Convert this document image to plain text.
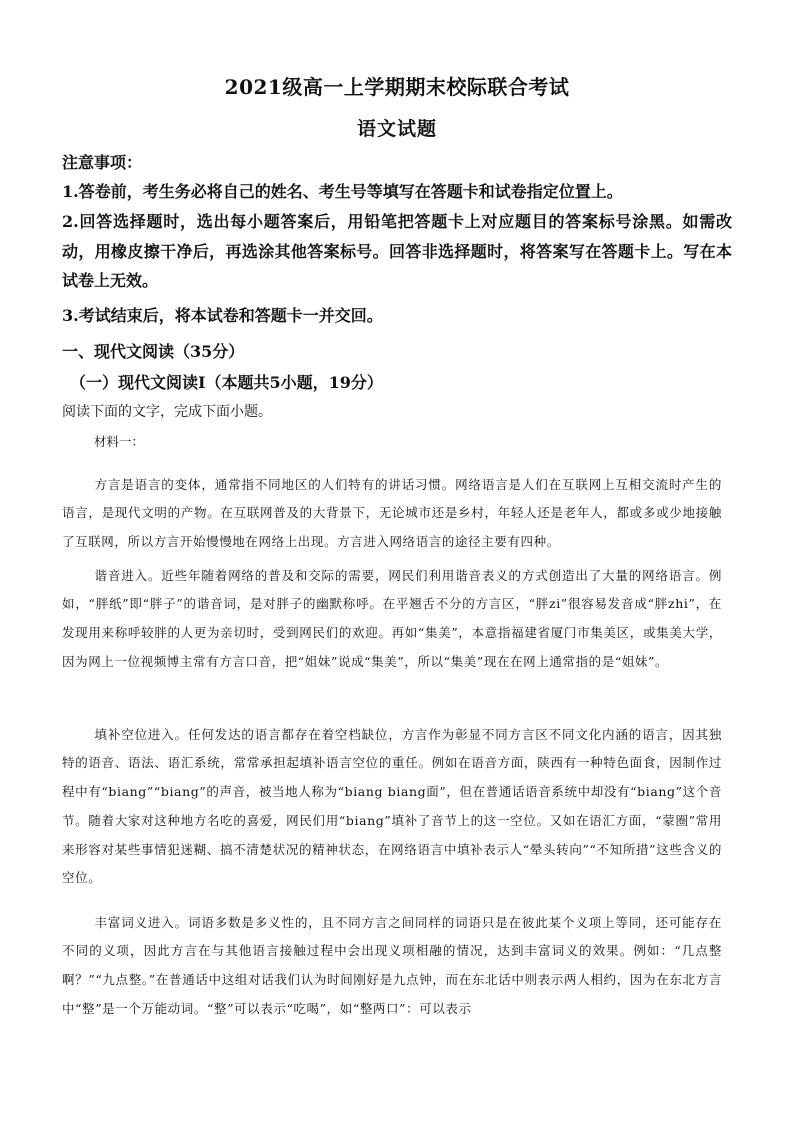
2021级高一上学期期末校际联合考试
语文试题
注意事项：
1.答卷前，考生务必将自己的姓名、考生号等填写在答题卡和试卷指定位置上。
2.回答选择题时，选出每小题答案后，用铅笔把答题卡上对应题目的答案标号涂黑。如需改动，用橡皮擦干净后，再选涂其他答案标号。回答非选择题时，将答案写在答题卡上。写在本试卷上无效。
3.考试结束后，将本试卷和答题卡一并交回。
一、现代文阅读（35分）
（一）现代文阅读Ⅰ（本题共5小题，19分）
阅读下面的文字，完成下面小题。
材料一：

方言是语言的变体，通常指不同地区的人们特有的讲话习惯。网络语言是人们在互联网上互相交流时产生的语言，是现代文明的产物。在互联网普及的大背景下，无论城市还是乡村，年轻人还是老年人，都或多或少地接触了互联网，所以方言开始慢慢地在网络上出现。方言进入网络语言的途径主要有四种。

谐音进入。近些年随着网络的普及和交际的需要，网民们利用谐音表义的方式创造出了大量的网络语言。例如，“胖纸”即“胖子”的谐音词，是对胖子的幽默称呼。在平翘舌不分的方言区，“胖zi”很容易发音成“胖zhi”，在发现用来称呼较胖的人更为亲切时，受到网民们的欢迎。再如“集美”，本意指福建省厦门市集美区，或集美大学，因为网上一位视频博主常有方言口音，把“姐妹”说成“集美”，所以“集美”现在在网上通常指的是“姐妹”。

填补空位进入。任何发达的语言都存在着空档缺位，方言作为彰显不同方言区不同文化内涵的语言，因其独特的语音、语法、语汇系统，常常承担起填补语言空位的重任。例如在语音方面，陕西有一种特色面食，因制作过程中有“biang”“biang”的声音，被当地人称为“biang biang面”，但在普通话语音系统中却没有“biang”这个音节。随着大家对这种地方名吃的喜爱，网民们用“biang”填补了音节上的这一空位。又如在语汇方面，“蒙圈”常用来形容对某些事情犯迷糊、搞不清楚状况的精神状态，在网络语言中填补表示人“晕头转向”“不知所措”这些含义的空位。

丰富词义进入。词语多数是多义性的，且不同方言之间同样的词语只是在彼此某个义项上等同，还可能存在不同的义项，因此方言在与其他语言接触过程中会出现义项相融的情况，达到丰富词义的效果。例如：“几点整啊？”“九点整。”在普通话中这组对话我们认为时间刚好是九点钟，而在东北话中则表示两人相约，因为在东北方言中“整”是一个万能动词。“整”可以表示“吃喝”，如“整两口”：可以表示
